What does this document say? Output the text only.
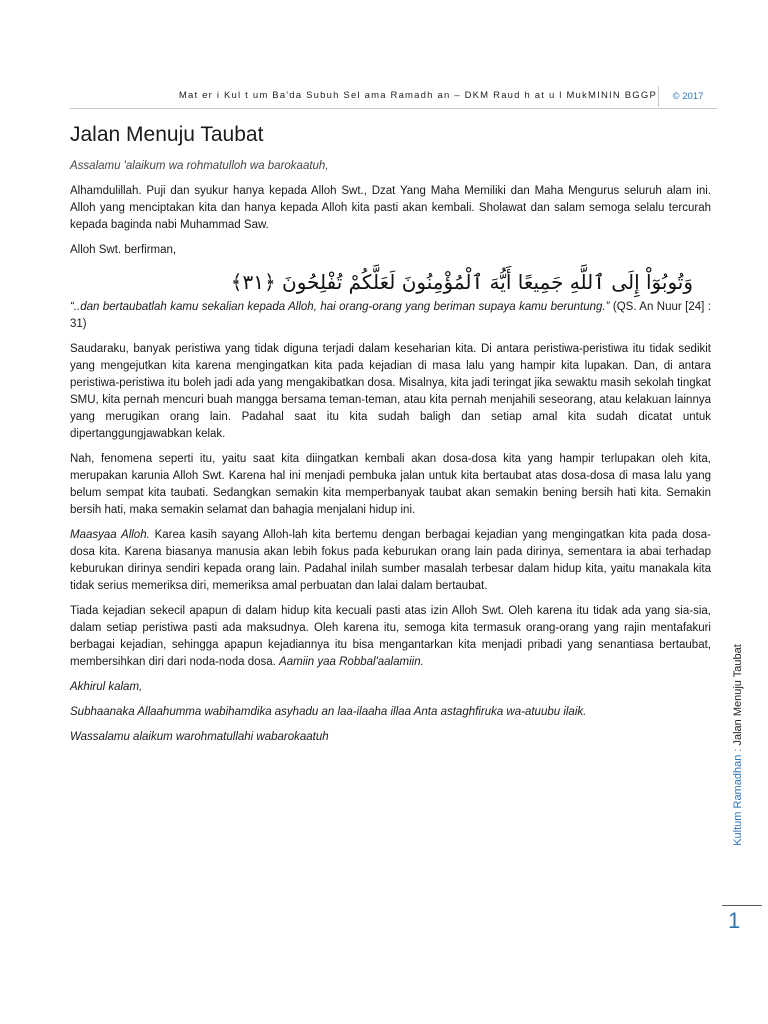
Mat er i Kul t um Ba'da Subuh Sel ama Ramadh an – DKM Raud h at u l MukMININ BGGP	© 2017
Jalan Menuju Taubat

Assalamu 'alaikum wa rohmatulloh wa barokaatuh,

Alhamdulillah. Puji dan syukur hanya kepada Alloh Swt., Dzat Yang Maha Memiliki dan Maha Mengurus seluruh alam ini. Alloh yang menciptakan kita dan hanya kepada Alloh kita pasti akan kembali. Sholawat dan salam semoga selalu tercurah kepada baginda nabi Muhammad Saw.

Alloh Swt. berfirman,

وَتُوبُوٓاْ إِلَى ٱللَّهِ جَمِيعًا أَيُّهَ ٱلْمُؤْمِنُونَ لَعَلَّكُمْ تُفْلِحُونَ ﴿٣١﴾

“..dan bertaubatlah kamu sekalian kepada Alloh, hai orang-orang yang beriman supaya kamu beruntung.” (QS. An Nuur [24] : 31)

Saudaraku, banyak peristiwa yang tidak diguna terjadi dalam keseharian kita. Di antara peristiwa-peristiwa itu tidak sedikit yang mengejutkan kita karena mengingatkan kita pada kejadian di masa lalu yang hampir kita lupakan. Dan, di antara peristiwa-peristiwa itu boleh jadi ada yang mengakibatkan dosa. Misalnya, kita jadi teringat jika sewaktu masih sekolah tingkat SMU, kita pernah mencuri buah mangga bersama teman-teman, atau kita pernah menjahili seseorang, atau kelakuan lainnya yang merugikan orang lain. Padahal saat itu kita sudah baligh dan setiap amal kita sudah dicatat untuk dipertanggungjawabkan kelak.

Nah, fenomena seperti itu, yaitu saat kita diingatkan kembali akan dosa-dosa kita yang hampir terlupakan oleh kita, merupakan karunia Alloh Swt. Karena hal ini menjadi pembuka jalan untuk kita bertaubat atas dosa-dosa di masa lalu yang belum sempat kita taubati. Sedangkan semakin kita memperbanyak taubat akan semakin bening bersih hati kita. Semakin bersih hati, maka semakin selamat dan bahagia menjalani hidup ini.

Maasyaa Alloh. Karea kasih sayang Alloh-lah kita bertemu dengan berbagai kejadian yang mengingatkan kita pada dosa-dosa kita. Karena biasanya manusia akan lebih fokus pada keburukan orang lain pada dirinya, sementara ia abai terhadap keburukan dirinya sendiri kepada orang lain. Padahal inilah sumber masalah terbesar dalam hidup kita, yaitu manakala kita tidak serius memeriksa diri, memeriksa amal perbuatan dan lalai dalam bertaubat.

Tiada kejadian sekecil apapun di dalam hidup kita kecuali pasti atas izin Alloh Swt. Oleh karena itu tidak ada yang sia-sia, dalam setiap peristiwa pasti ada maksudnya. Oleh karena itu, semoga kita termasuk orang-orang yang rajin mentafakuri berbagai kejadian, sehingga apapun kejadiannya itu bisa mengantarkan kita menjadi pribadi yang senantiasa bertaubat, membersihkan diri dari noda-noda dosa. Aamiin yaa Robbal'aalamiin.

Akhirul kalam,

Subhaanaka Allaahumma wabihamdika asyhadu an laa-ilaaha illaa Anta astaghfiruka wa-atuubu ilaik.

Wassalamu alaikum warohmatullahi wabarokaatuh

Kultum Ramadhan : Jalan Menuju Taubat
1
